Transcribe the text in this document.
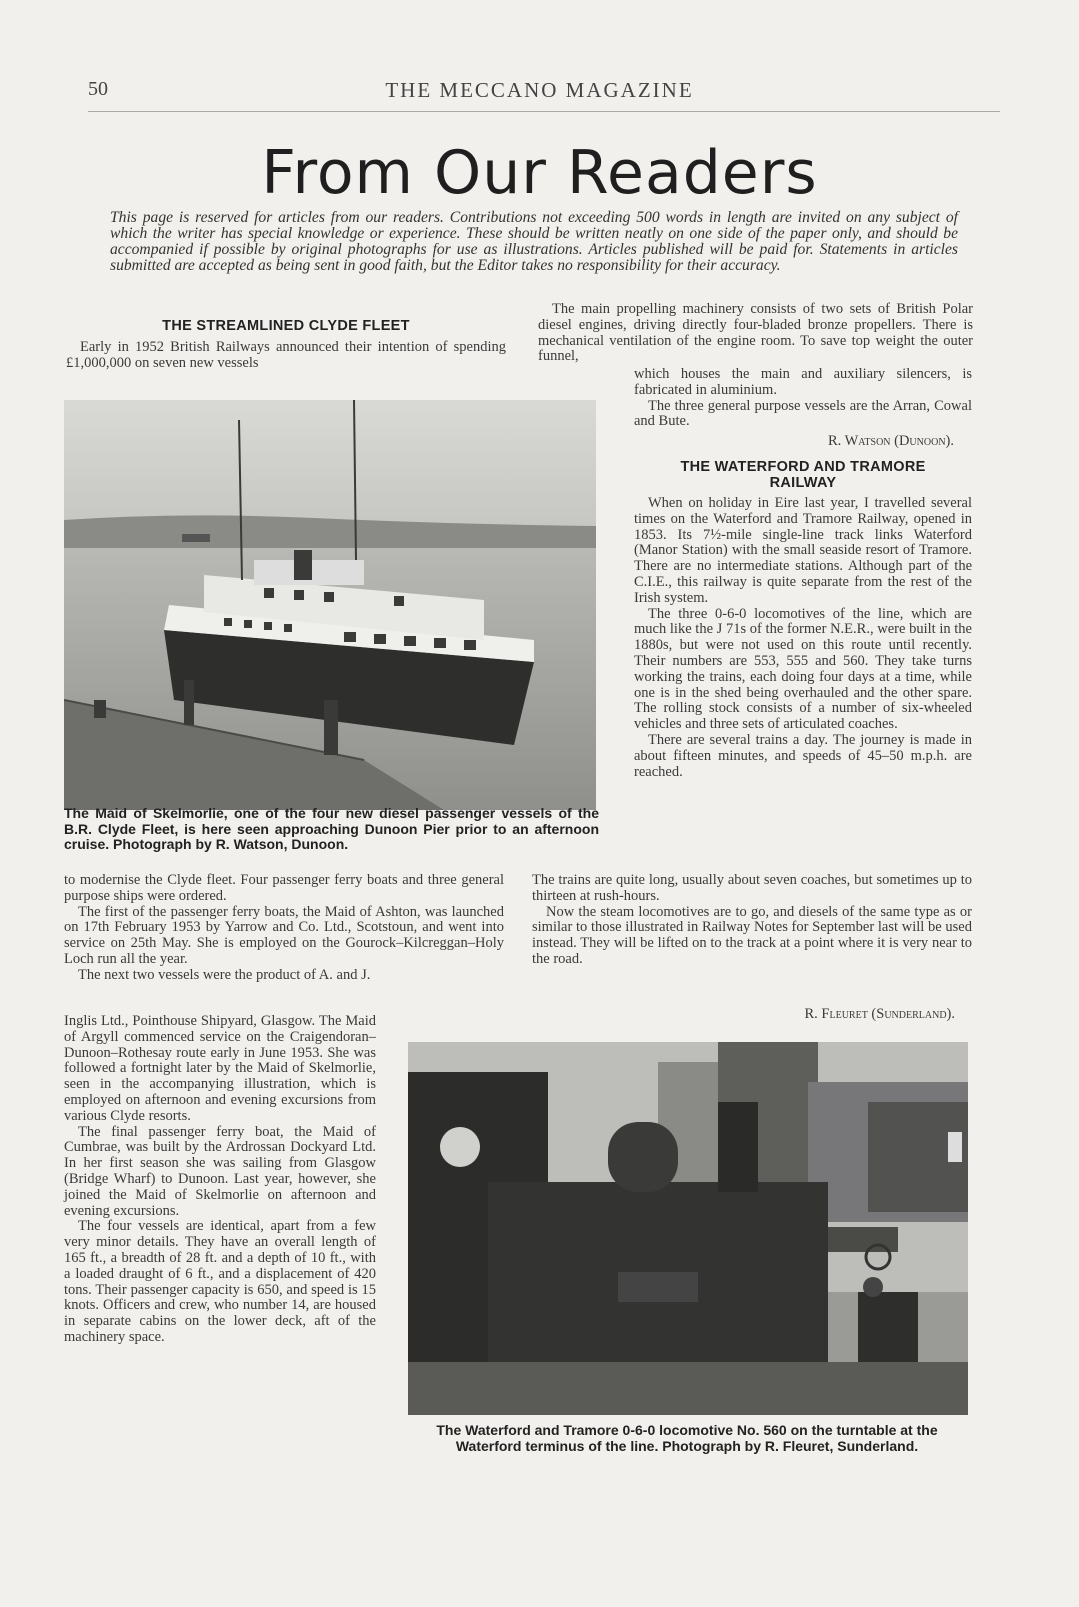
50	THE MECCANO MAGAZINE
From Our Readers
This page is reserved for articles from our readers. Contributions not exceeding 500 words in length are invited on any subject of which the writer has special knowledge or experience. These should be written neatly on one side of the paper only, and should be accompanied if possible by original photographs for use as illustrations. Articles published will be paid for. Statements in articles submitted are accepted as being sent in good faith, but the Editor takes no responsibility for their accuracy.
THE STREAMLINED CLYDE FLEET

Early in 1952 British Railways announced their intention of spending £1,000,000 on seven new vessels

The Maid of Skelmorlie, one of the four new diesel passenger vessels of the B.R. Clyde Fleet, is here seen approaching Dunoon Pier prior to an afternoon cruise. Photograph by R. Watson, Dunoon.

to modernise the Clyde fleet. Four passenger ferry boats and three general purpose ships were ordered.

The first of the passenger ferry boats, the Maid of Ashton, was launched on 17th February 1953 by Yarrow and Co. Ltd., Scotstoun, and went into service on 25th May. She is employed on the Gourock–Kilcreggan–Holy Loch run all the year.

The next two vessels were the product of A. and J.

Inglis Ltd., Pointhouse Shipyard, Glasgow. The Maid of Argyll commenced service on the Craigendoran–Dunoon–Rothesay route early in June 1953. She was followed a fortnight later by the Maid of Skelmorlie, seen in the accompanying illustration, which is employed on afternoon and evening excursions from various Clyde resorts.

The final passenger ferry boat, the Maid of Cumbrae, was built by the Ardrossan Dockyard Ltd. In her first season she was sailing from Glasgow (Bridge Wharf) to Dunoon. Last year, however, she joined the Maid of Skelmorlie on afternoon and evening excursions.

The four vessels are identical, apart from a few very minor details. They have an overall length of 165 ft., a breadth of 28 ft. and a depth of 10 ft., with a loaded draught of 6 ft., and a displacement of 420 tons. Their passenger capacity is 650, and speed is 15 knots. Officers and crew, who number 14, are housed in separate cabins on the lower deck, aft of the machinery space.

The main propelling machinery consists of two sets of British Polar diesel engines, driving directly four-bladed bronze propellers. There is mechanical ventilation of the engine room. To save top weight the outer funnel,

which houses the main and auxiliary silencers, is fabricated in aluminium.

The three general purpose vessels are the Arran, Cowal and Bute.

R. Watson (Dunoon).
THE WATERFORD AND TRAMORE
RAILWAY

When on holiday in Eire last year, I travelled several times on the Waterford and Tramore Railway, opened in 1853. Its 7½-mile single-line track links Waterford (Manor Station) with the small seaside resort of Tramore. There are no intermediate stations. Although part of the C.I.E., this railway is quite separate from the rest of the Irish system.

The three 0-6-0 locomotives of the line, which are much like the J 71s of the former N.E.R., were built in the 1880s, but were not used on this route until recently. Their numbers are 553, 555 and 560. They take turns working the trains, each doing four days at a time, while one is in the shed being overhauled and the other spare. The rolling stock consists of a number of six-wheeled vehicles and three sets of articulated coaches.

There are several trains a day. The journey is made in about fifteen minutes, and speeds of 45–50 m.p.h. are reached.

The trains are quite long, usually about seven coaches, but sometimes up to thirteen at rush-hours.

Now the steam locomotives are to go, and diesels of the same type as or similar to those illustrated in Railway Notes for September last will be used instead. They will be lifted on to the track at a point where it is very near to the road.

R. Fleuret (Sunderland).
The Waterford and Tramore 0-6-0 locomotive No. 560 on the turntable at the Waterford terminus of the line. Photograph by R. Fleuret, Sunderland.
